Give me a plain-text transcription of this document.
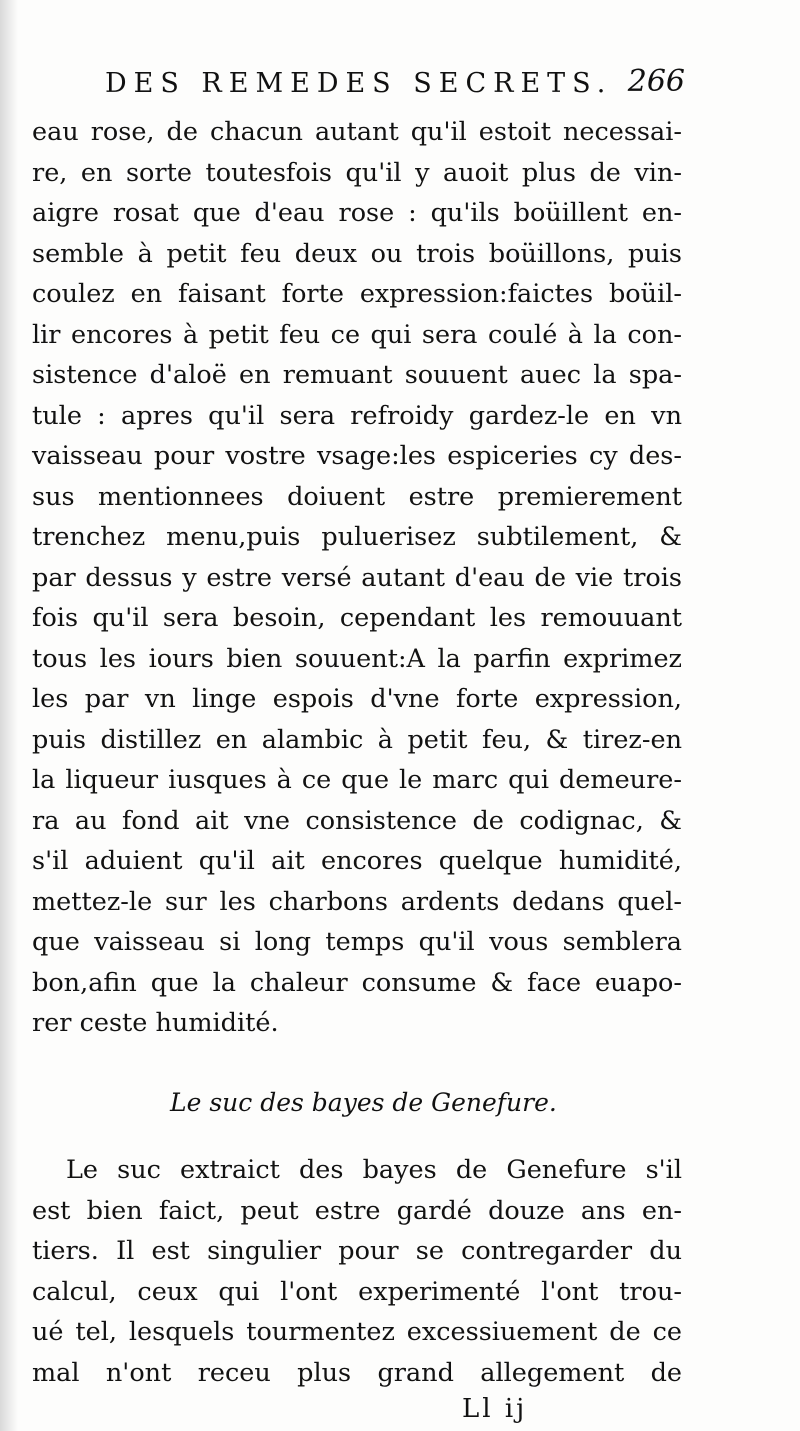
DES REMEDES SECRETS. 266
eau rose, de chacun autant qu'il estoit necessai-
re, en sorte toutesfois qu'il y auoit plus de vin-
aigre rosat que d'eau rose : qu'ils boüillent en-
semble à petit feu deux ou trois boüillons, puis
coulez en faisant forte expression:faictes boüil-
lir encores à petit feu ce qui sera coulé à la con-
sistence d'aloë en remuant souuent auec la spa-
tule : apres qu'il sera refroidy gardez-le en vn
vaisseau pour vostre vsage:les espiceries cy des-
sus mentionnees doiuent estre premierement
trenchez menu,puis puluerisez subtilement, &
par dessus y estre versé autant d'eau de vie trois
fois qu'il sera besoin, cependant les remouuant
tous les iours bien souuent:A la parfin exprimez
les par vn linge espois d'vne forte expression,
puis distillez en alambic à petit feu, & tirez-en
la liqueur iusques à ce que le marc qui demeure-
ra au fond ait vne consistence de codignac, &
s'il aduient qu'il ait encores quelque humidité,
mettez-le sur les charbons ardents dedans quel-
que vaisseau si long temps qu'il vous semblera
bon,afin que la chaleur consume & face euapo-
rer ceste humidité.
Le suc des bayes de Genefure.
Le suc extraict des bayes de Genefure s'il
est bien faict, peut estre gardé douze ans en-
tiers. Il est singulier pour se contregarder du
calcul, ceux qui l'ont experimenté l'ont trou-
ué tel, lesquels tourmentez excessiuement de ce
mal n'ont receu plus grand allegement de
Ll ij
